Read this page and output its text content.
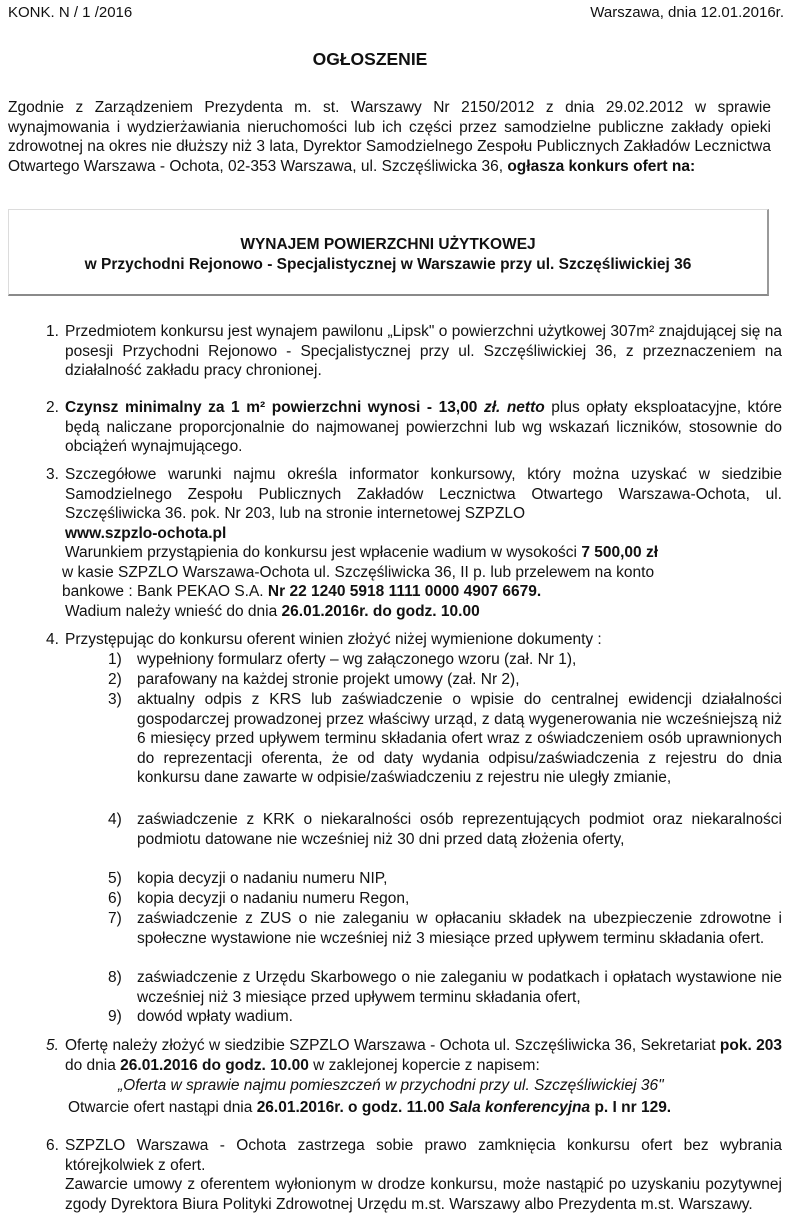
KONK. N / 1 /2016	Warszawa, dnia 12.01.2016r.
OGŁOSZENIE
Zgodnie z Zarządzeniem Prezydenta m. st. Warszawy Nr 2150/2012 z dnia 29.02.2012 w sprawie wynajmowania i wydzierżawiania nieruchomości lub ich części przez samodzielne publiczne zakłady opieki zdrowotnej na okres nie dłuższy niż 3 lata, Dyrektor Samodzielnego Zespołu Publicznych Zakładów Lecznictwa Otwartego Warszawa - Ochota, 02-353 Warszawa, ul. Szczęśliwicka 36, ogłasza konkurs ofert na:
WYNAJEM POWIERZCHNI UŻYTKOWEJ
w Przychodni Rejonowo - Specjalistycznej w Warszawie przy ul. Szczęśliwickiej 36
1. Przedmiotem konkursu jest wynajem pawilonu „Lipsk" o powierzchni użytkowej 307m² znajdującej się na posesji Przychodni Rejonowo - Specjalistycznej przy ul. Szczęśliwickiej 36, z przeznaczeniem na działalność zakładu pracy chronionej.
2. Czynsz minimalny za 1 m² powierzchni wynosi - 13,00 zł. netto plus opłaty eksploatacyjne, które będą naliczane proporcjonalnie do najmowanej powierzchni lub wg wskazań liczników, stosownie do obciążeń wynajmującego.
3. Szczegółowe warunki najmu określa informator konkursowy, który można uzyskać w siedzibie Samodzielnego Zespołu Publicznych Zakładów Lecznictwa Otwartego Warszawa-Ochota, ul. Szczęśliwicka 36. pok. Nr 203, lub na stronie internetowej SZPZLO
www.szpzlo-ochota.pl
Warunkiem przystąpienia do konkursu jest wpłacenie wadium w wysokości 7 500,00 zł
w kasie SZPZLO Warszawa-Ochota ul. Szczęśliwicka 36, II p. lub przelewem na konto
bankowe : Bank PEKAO S.A. Nr 22 1240 5918 1111 0000 4907 6679.
Wadium należy wnieść do dnia 26.01.2016r. do godz. 10.00
4. Przystępując do konkursu oferent winien złożyć niżej wymienione dokumenty :
1) wypełniony formularz oferty – wg załączonego wzoru (zał. Nr 1),
2) parafowany na każdej stronie projekt umowy (zał. Nr 2),
3) aktualny odpis z KRS lub zaświadczenie o wpisie do centralnej ewidencji działalności gospodarczej prowadzonej przez właściwy urząd, z datą wygenerowania nie wcześniejszą niż 6 miesięcy przed upływem terminu składania ofert wraz z oświadczeniem osób uprawnionych do reprezentacji oferenta, że od daty wydania odpisu/zaświadczenia z rejestru do dnia konkursu dane zawarte w odpisie/zaświadczeniu z rejestru nie uległy zmianie,
4) zaświadczenie z KRK o niekaralności osób reprezentujących podmiot oraz niekaralności podmiotu datowane nie wcześniej niż 30 dni przed datą złożenia oferty,
5) kopia decyzji o nadaniu numeru NIP,
6) kopia decyzji o nadaniu numeru Regon,
7) zaświadczenie z ZUS o nie zaleganiu w opłacaniu składek na ubezpieczenie zdrowotne i społeczne wystawione nie wcześniej niż 3 miesiące przed upływem terminu składania ofert.
8) zaświadczenie z Urzędu Skarbowego o nie zaleganiu w podatkach i opłatach wystawione nie wcześniej niż 3 miesiące przed upływem terminu składania ofert,
9) dowód wpłaty wadium.
5. Ofertę należy złożyć w siedzibie SZPZLO Warszawa - Ochota ul. Szczęśliwicka 36, Sekretariat pok. 203 do dnia 26.01.2016 do godz. 10.00 w zaklejonej kopercie z napisem:
„Oferta w sprawie najmu pomieszczeń w przychodni przy ul. Szczęśliwickiej 36"
Otwarcie ofert nastąpi dnia 26.01.2016r. o godz. 11.00 Sala konferencyjna p. I nr 129.
6. SZPZLO Warszawa - Ochota zastrzega sobie prawo zamknięcia konkursu ofert bez wybrania którejkolwiek z ofert.
Zawarcie umowy z oferentem wyłonionym w drodze konkursu, może nastąpić po uzyskaniu pozytywnej zgody Dyrektora Biura Polityki Zdrowotnej Urzędu m.st. Warszawy albo Prezydenta m.st. Warszawy.
